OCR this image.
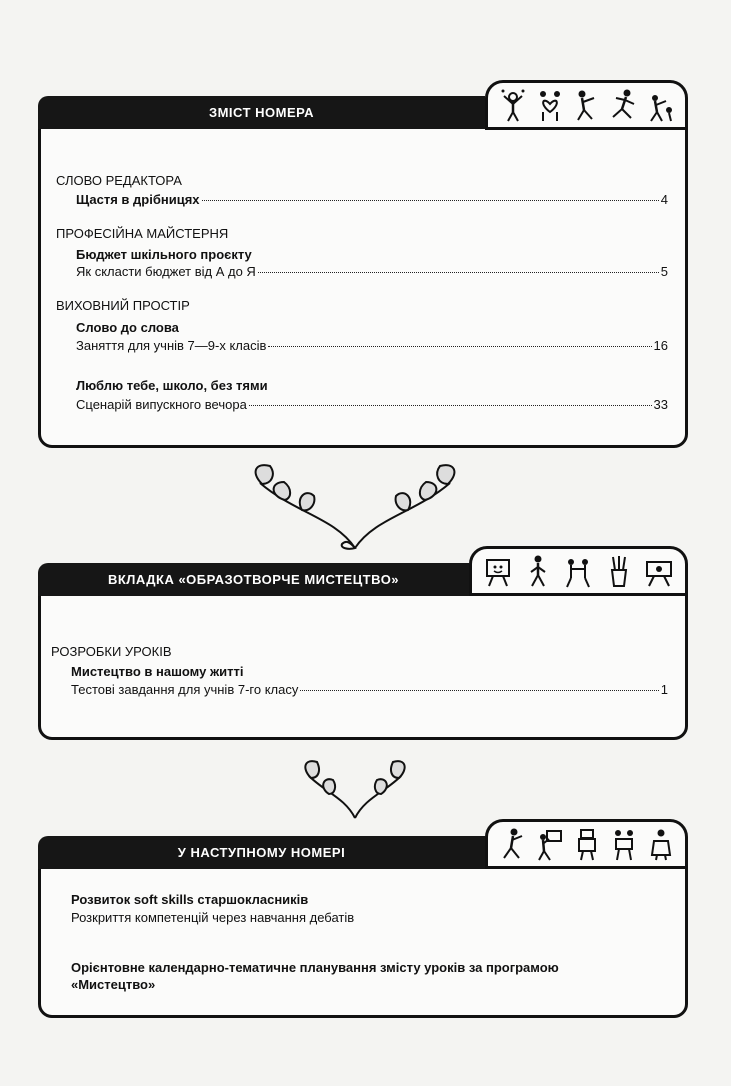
ЗМІСТ НОМЕРА
СЛОВО РЕДАКТОРА
Щастя в дрібницях	4
ПРОФЕСІЙНА МАЙСТЕРНЯ
Бюджет шкільного проєкту
Як скласти бюджет від А до Я	5
ВИХОВНИЙ ПРОСТІР
Слово до слова
Заняття для учнів 7—9-х класів	16
Люблю тебе, школо, без тями
Сценарій випускного вечора	33
ВКЛАДКА «ОБРАЗОТВОРЧЕ МИСТЕЦТВО»
РОЗРОБКИ УРОКІВ
Мистецтво в нашому житті
Тестові завдання для учнів 7-го класу	1
У НАСТУПНОМУ НОМЕРІ
Розвиток soft skills старшокласників
Розкриття компетенцій через навчання дебатів
Орієнтовне календарно-тематичне планування змісту уроків за програмою
«Мистецтво»
